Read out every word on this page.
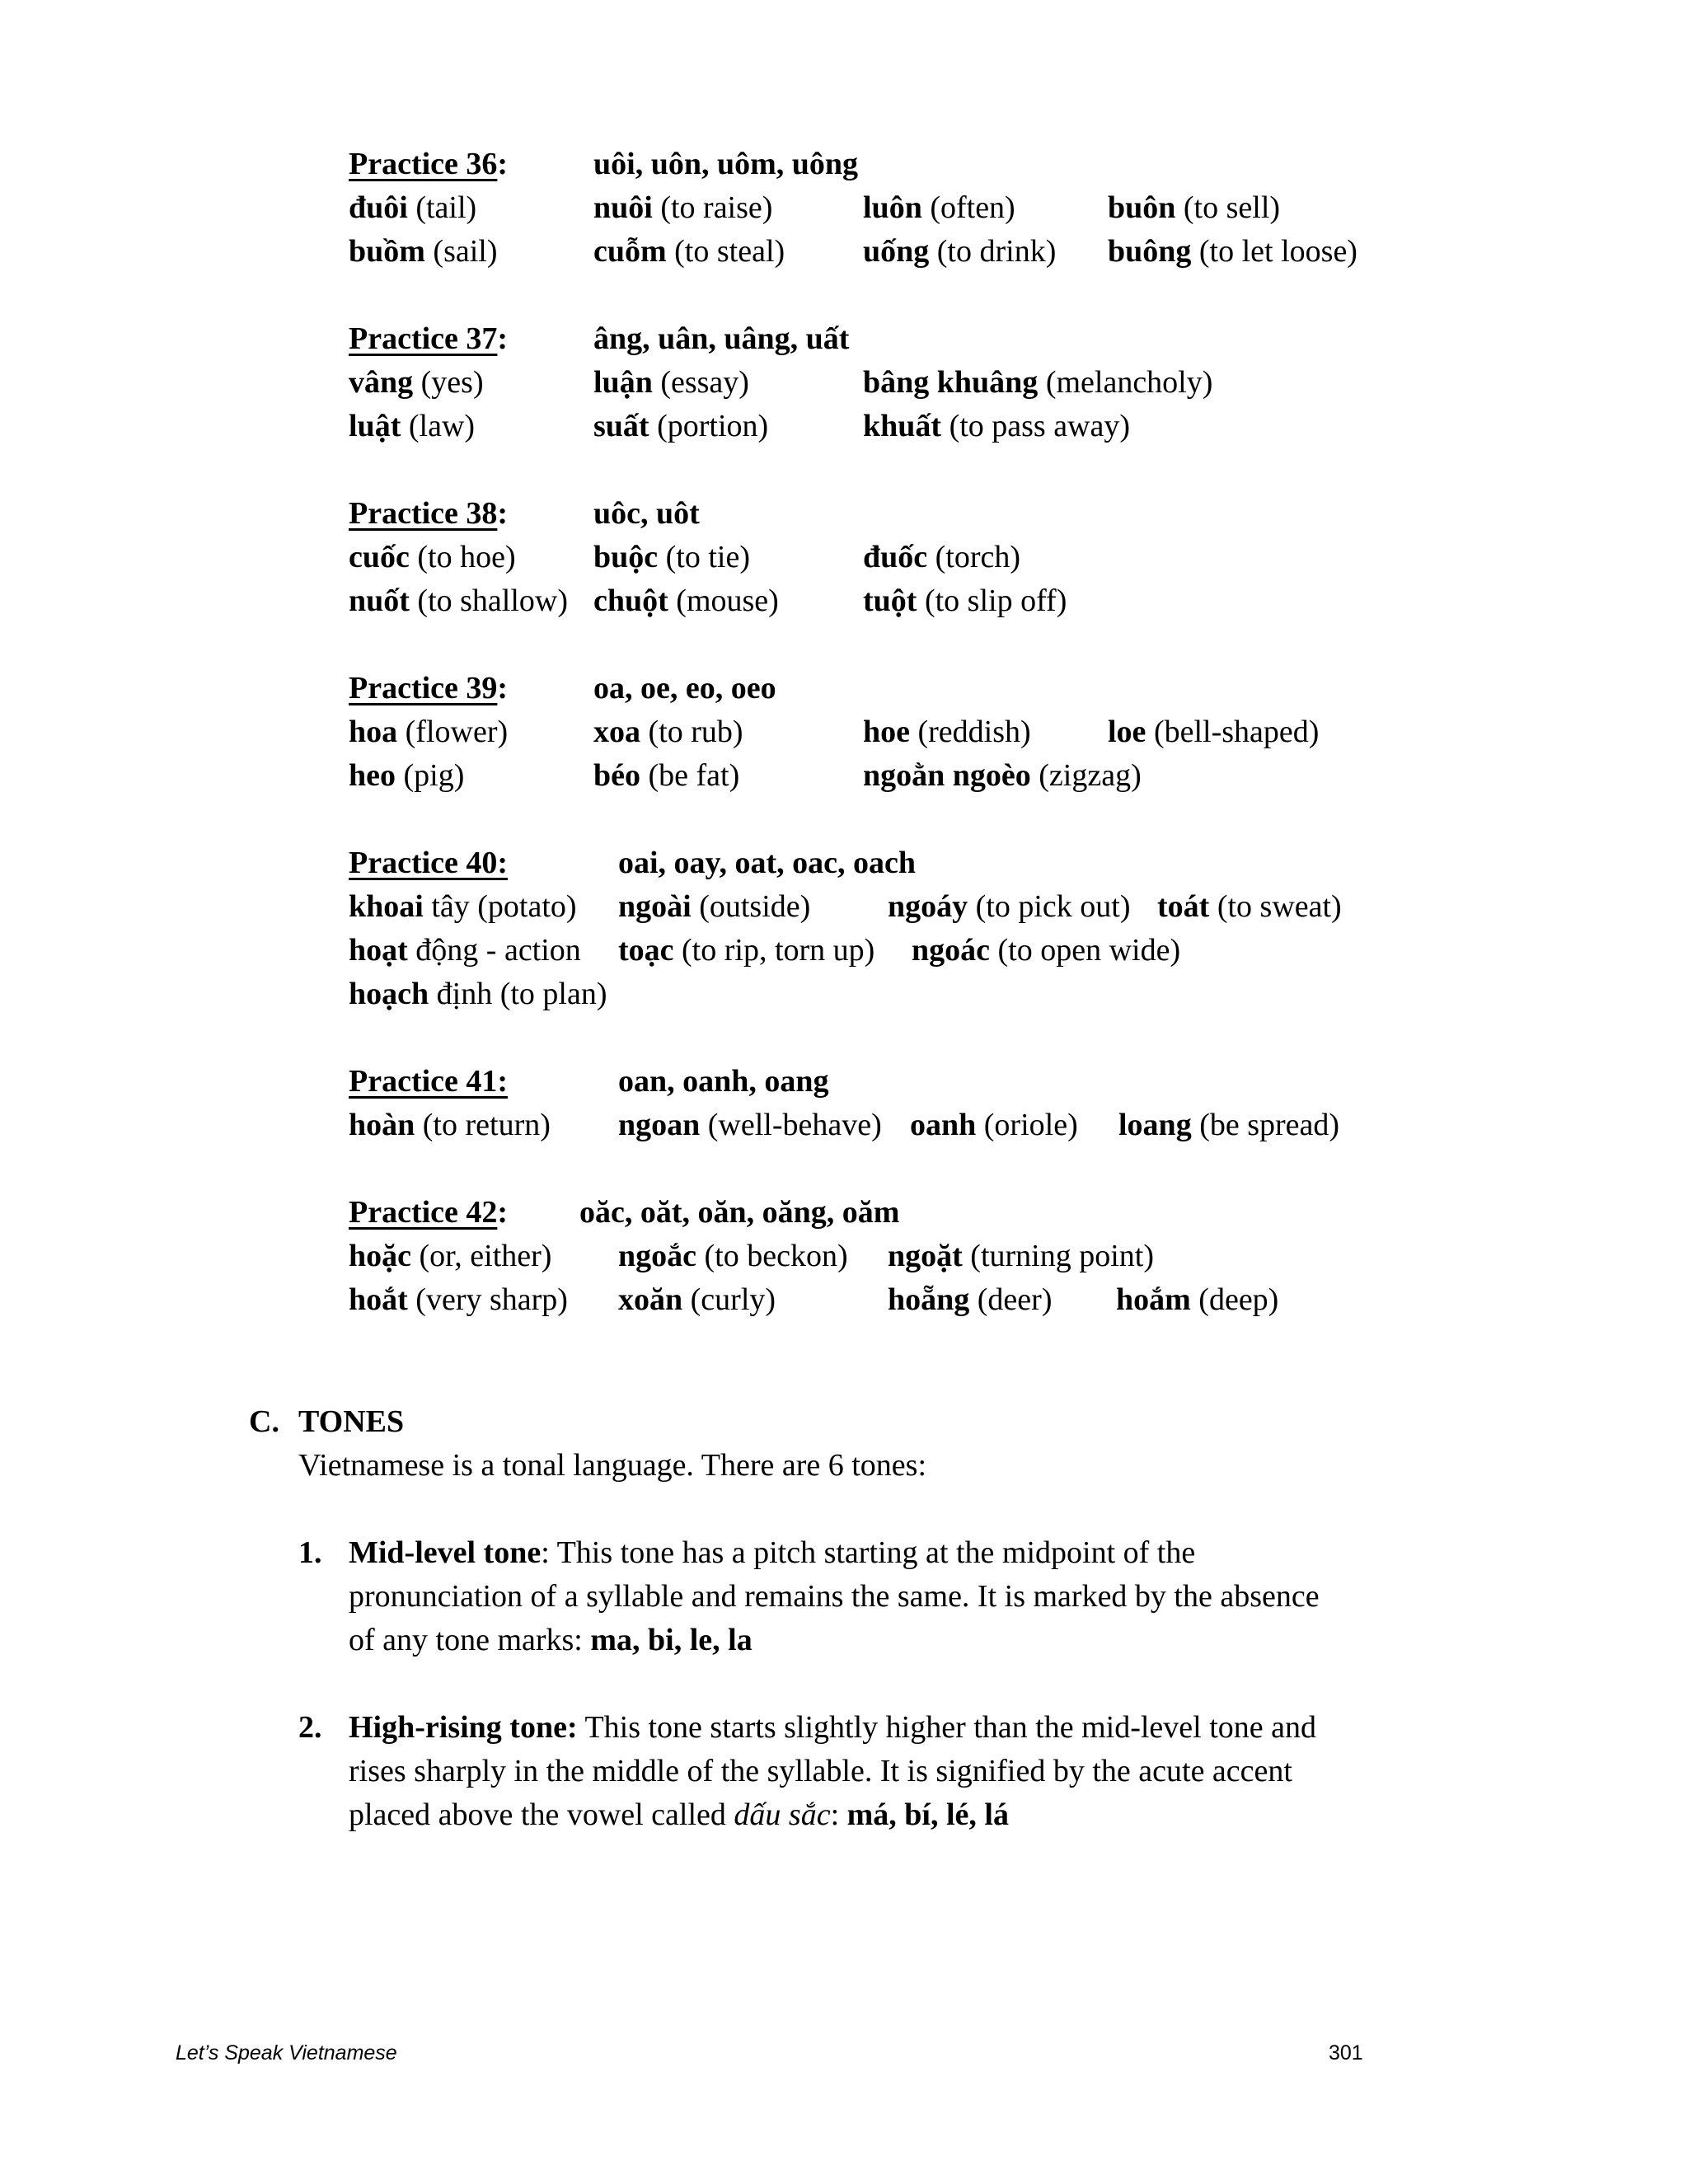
Practice 36:	uôi, uôn, uôm, uông
đuôi (tail)	nuôi (to raise)	luôn (often)	buôn (to sell)
buồm (sail)	cuỗm (to steal) uống (to drink) buông (to let loose)
Practice 37:	âng, uân, uâng, uất
vâng (yes)	luận (essay)	bâng khuâng (melancholy)
luật (law)	suất (portion)	khuất (to pass away)
Practice 38:	uôc, uôt
cuốc (to hoe) buộc (to tie)	đuốc (torch)
nuốt (to shallow) chuột (mouse)	tuột (to slip off)
Practice 39:	oa, oe, eo, oeo
hoa (flower)	xoa (to rub)	hoe (reddish) loe (bell-shaped)
heo (pig)	béo (be fat)	ngoằn ngoèo (zigzag)
Practice 40:	oai, oay, oat, oac, oach
khoai tây (potato) ngoài (outside) ngoáy (to pick out) toát (to sweat)
hoạt động - action toạc (to rip, torn up) ngoác (to open wide)
hoạch định (to plan)
Practice 41:	oan, oanh, oang
hoàn (to return) ngoan (well-behave) oanh (oriole) loang (be spread)
Practice 42: oăc, oăt, oăn, oăng, oăm
hoặc (or, either) ngoắc (to beckon) ngoặt (turning point)
hoắt (very sharp) xoăn (curly)	hoẵng (deer) hoắm (deep)
C. TONES
Vietnamese is a tonal language. There are 6 tones:
1. Mid-level tone: This tone has a pitch starting at the midpoint of the
pronunciation of a syllable and remains the same. It is marked by the absence
of any tone marks: ma, bi, le, la
2. High-rising tone: This tone starts slightly higher than the mid-level tone and
rises sharply in the middle of the syllable. It is signified by the acute accent
placed above the vowel called dấu sắc: má, bí, lé, lá
Let’s Speak Vietnamese	301
